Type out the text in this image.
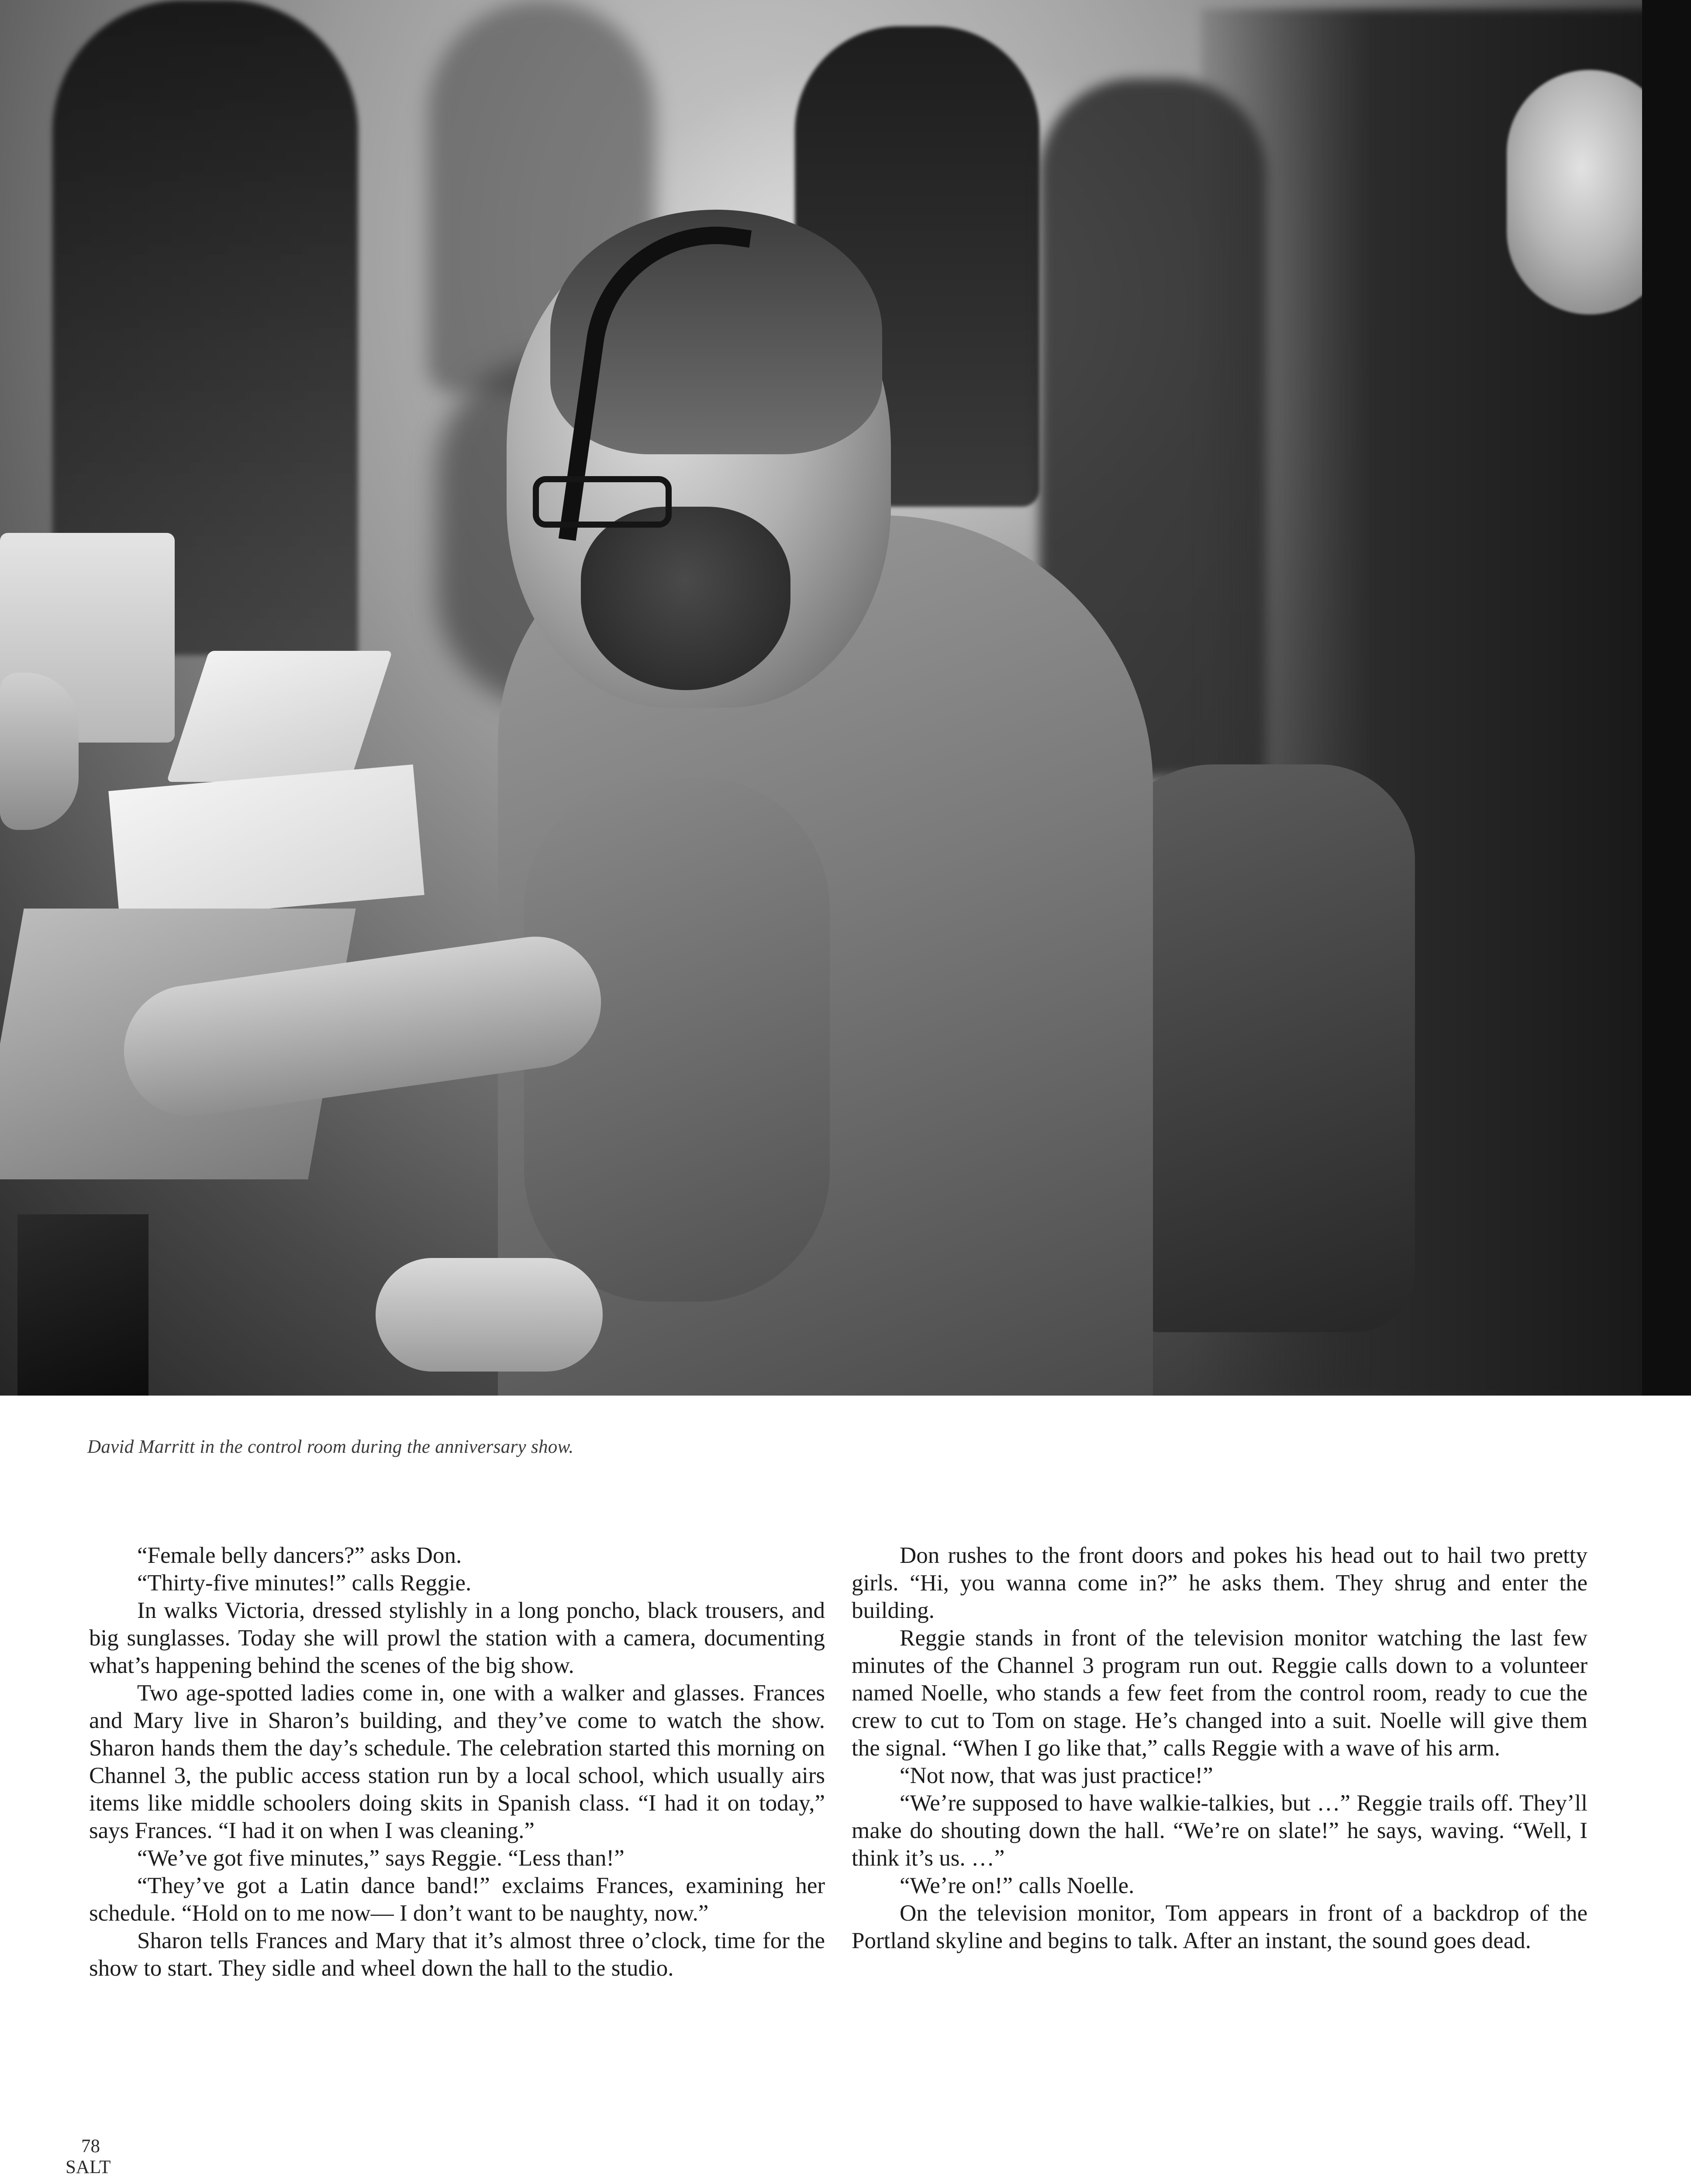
David Marritt in the control room during the anniversary show.

“Female belly dancers?” asks Don.

“Thirty-five minutes!” calls Reggie.

In walks Victoria, dressed stylishly in a long poncho, black trousers, and big sunglasses. Today she will prowl the station with a camera, documenting what’s happening behind the scenes of the big show.

Two age-spotted ladies come in, one with a walker and glasses. Frances and Mary live in Sharon’s building, and they’ve come to watch the show. Sharon hands them the day’s schedule. The celebration started this morning on Channel 3, the public access station run by a local school, which usually airs items like middle schoolers doing skits in Spanish class. “I had it on today,” says Frances. “I had it on when I was cleaning.”

“We’ve got five minutes,” says Reggie. “Less than!”

“They’ve got a Latin dance band!” exclaims Frances, examining her schedule. “Hold on to me now— I don’t want to be naughty, now.”

Sharon tells Frances and Mary that it’s almost three o’clock, time for the show to start. They sidle and wheel down the hall to the studio.

Don rushes to the front doors and pokes his head out to hail two pretty girls. “Hi, you wanna come in?” he asks them. They shrug and enter the building.

Reggie stands in front of the television monitor watching the last few minutes of the Channel 3 program run out. Reggie calls down to a volunteer named Noelle, who stands a few feet from the control room, ready to cue the crew to cut to Tom on stage. He’s changed into a suit. Noelle will give them the signal. “When I go like that,” calls Reggie with a wave of his arm.

“Not now, that was just practice!”

“We’re supposed to have walkie-talkies, but …” Reggie trails off. They’ll make do shouting down the hall. “We’re on slate!” he says, waving. “Well, I think it’s us. …”

“We’re on!” calls Noelle.

On the television monitor, Tom appears in front of a backdrop of the Portland skyline and begins to talk. After an instant, the sound goes dead.

78
SALT
